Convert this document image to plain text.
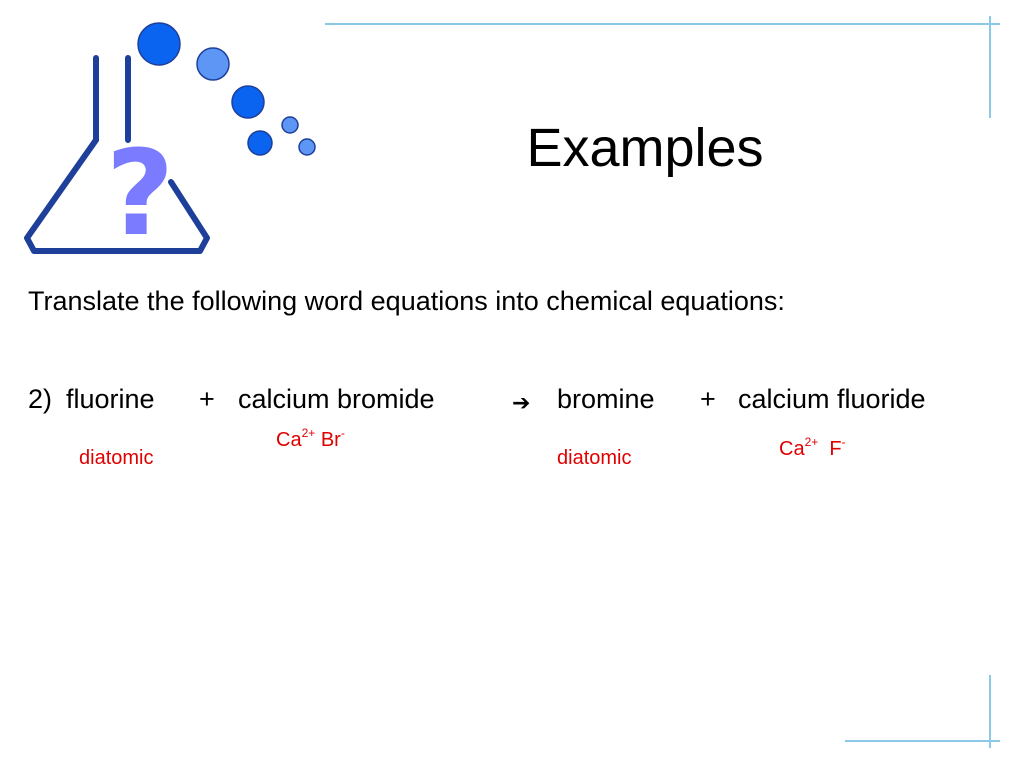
?	Examples
Translate the following word equations into chemical equations:
2) fluorine + calcium bromide	➔ bromine + calcium fluoride
diatomic
$Ca^{2+}$ Br-
diatomic	$Ca^{2+}$ F-
